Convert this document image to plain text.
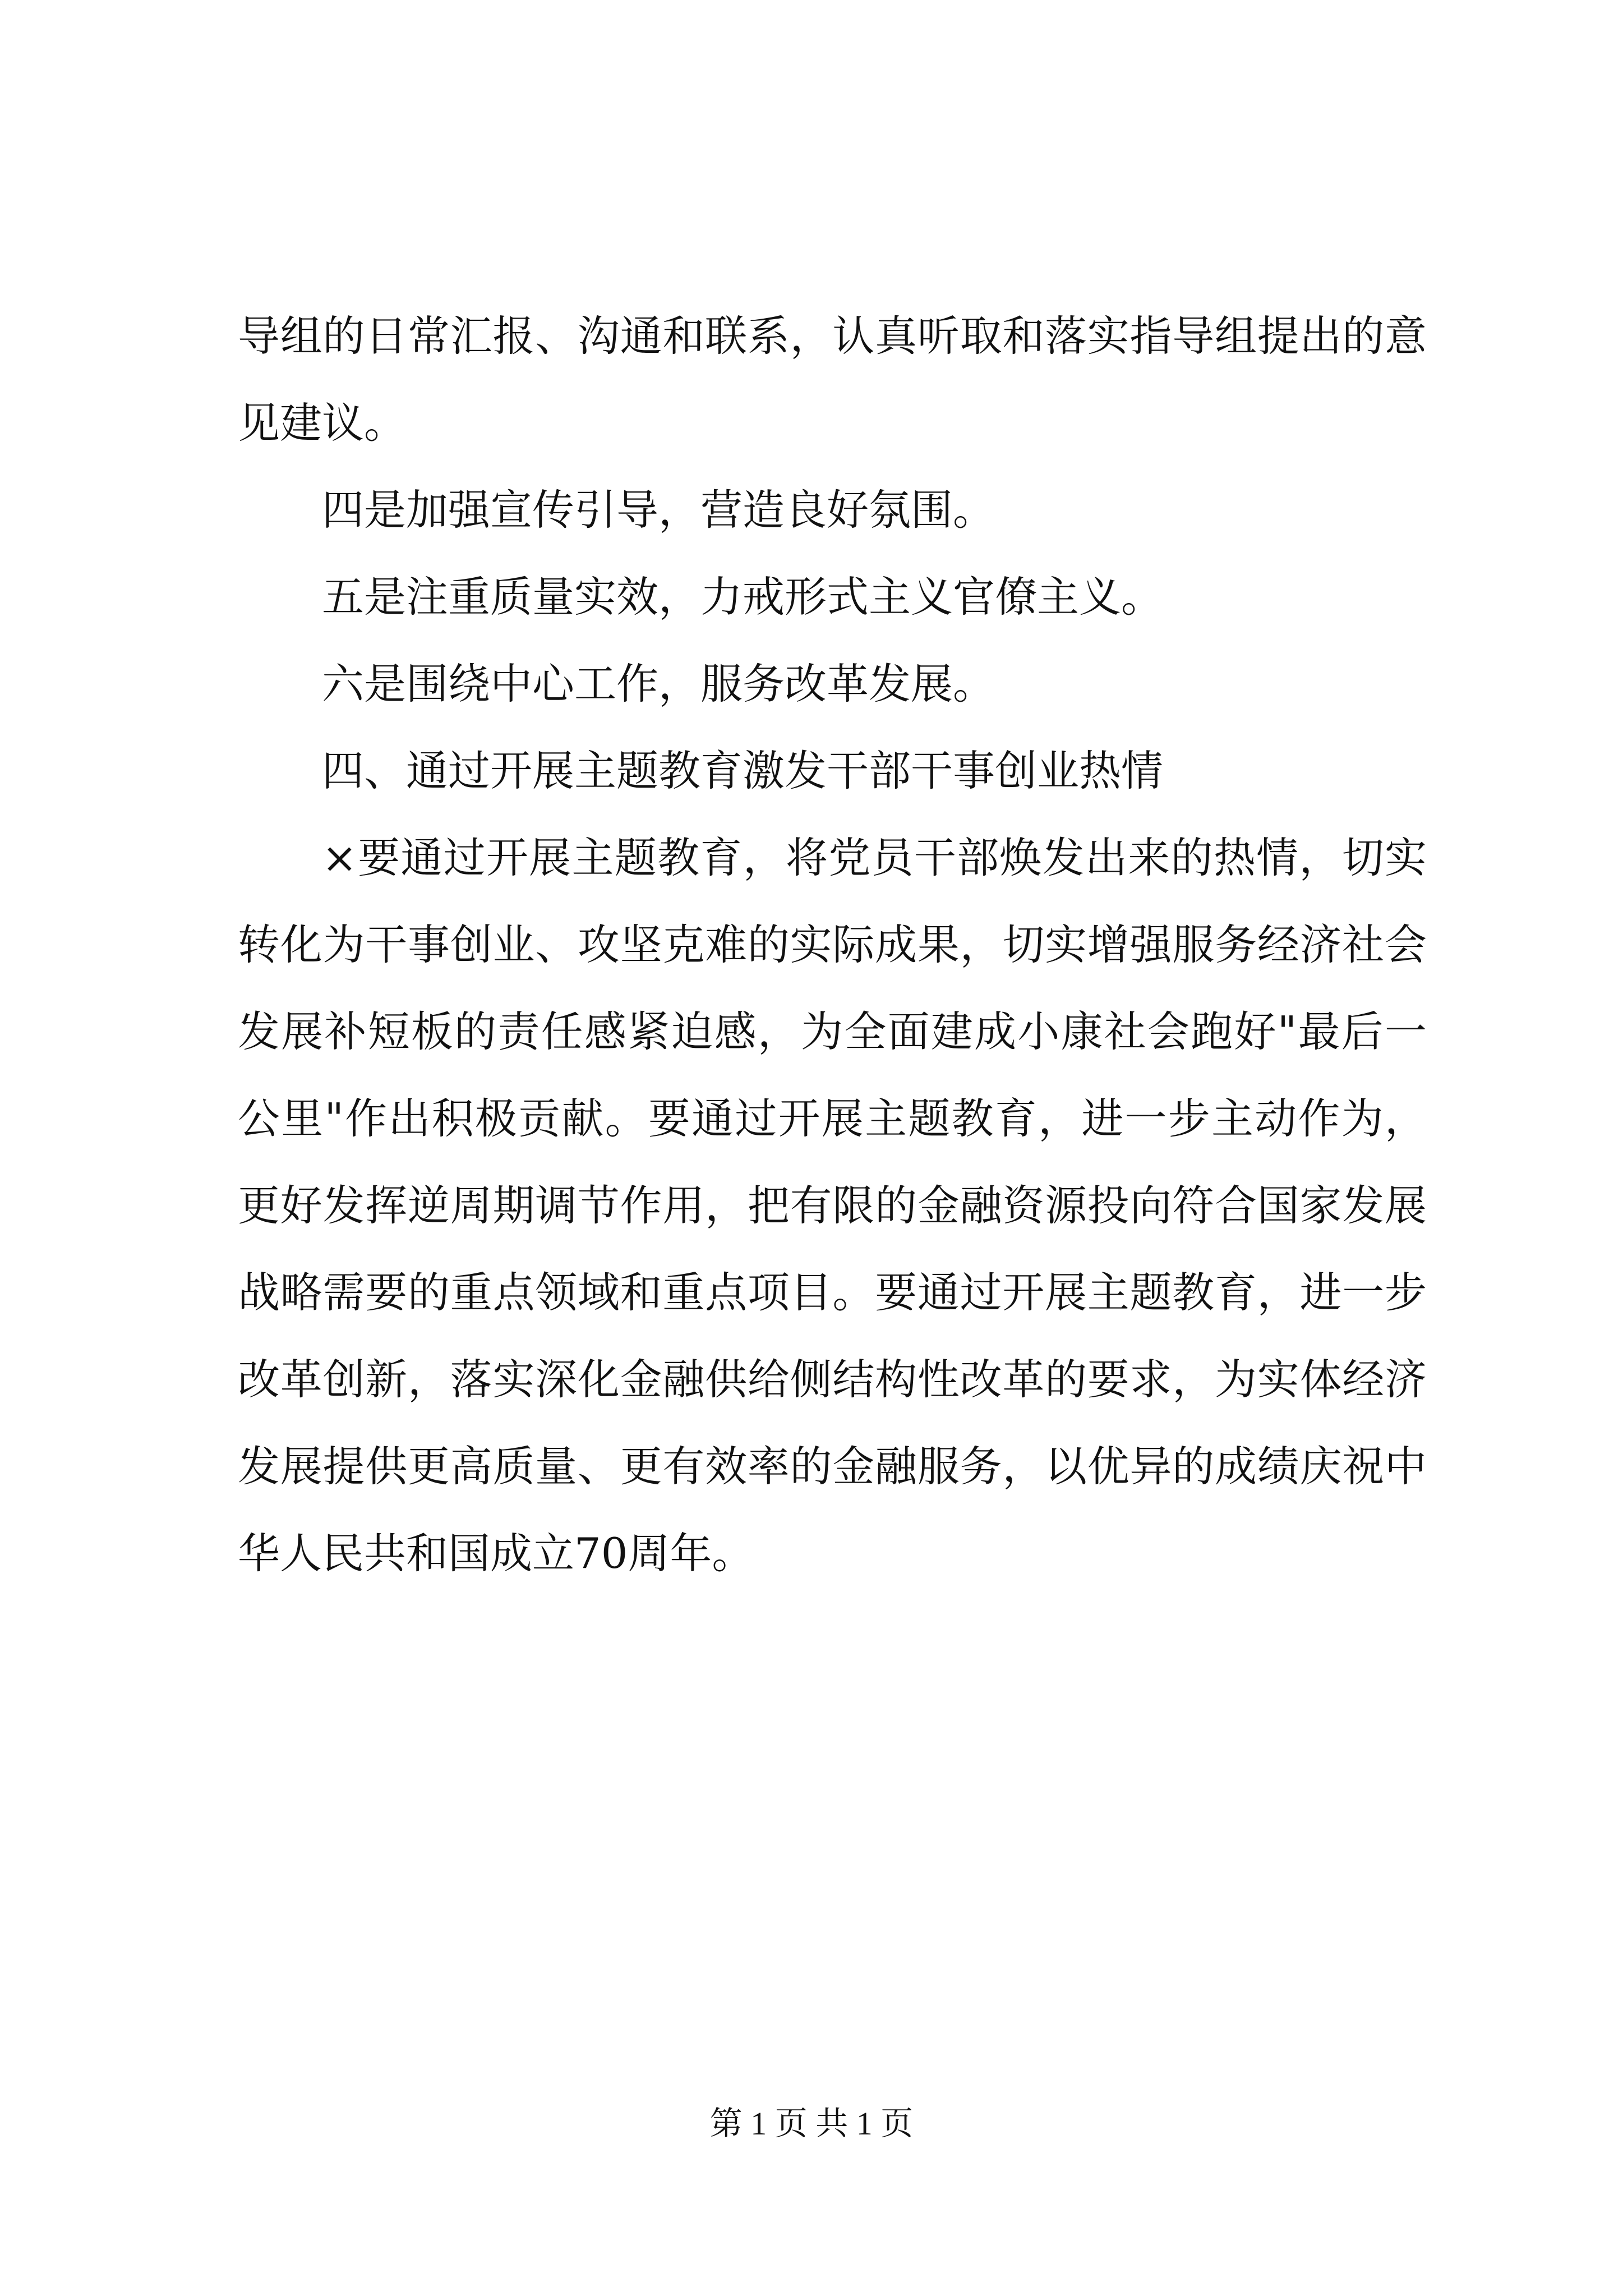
导组的日常汇报、沟通和联系，认真听取和落实指导组提出的意见建议。

四是加强宣传引导，营造良好氛围。

五是注重质量实效，力戒形式主义官僚主义。

六是围绕中心工作，服务改革发展。

四、通过开展主题教育激发干部干事创业热情

×要通过开展主题教育，将党员干部焕发出来的热情，切实转化为干事创业、攻坚克难的实际成果，切实增强服务经济社会发展补短板的责任感紧迫感，为全面建成小康社会跑好"最后一公里"作出积极贡献。要通过开展主题教育，进一步主动作为，更好发挥逆周期调节作用，把有限的金融资源投向符合国家发展战略需要的重点领域和重点项目。要通过开展主题教育，进一步改革创新，落实深化金融供给侧结构性改革的要求，为实体经济发展提供更高质量、更有效率的金融服务，以优异的成绩庆祝中华人民共和国成立70周年。

第 1 页 共 1 页
